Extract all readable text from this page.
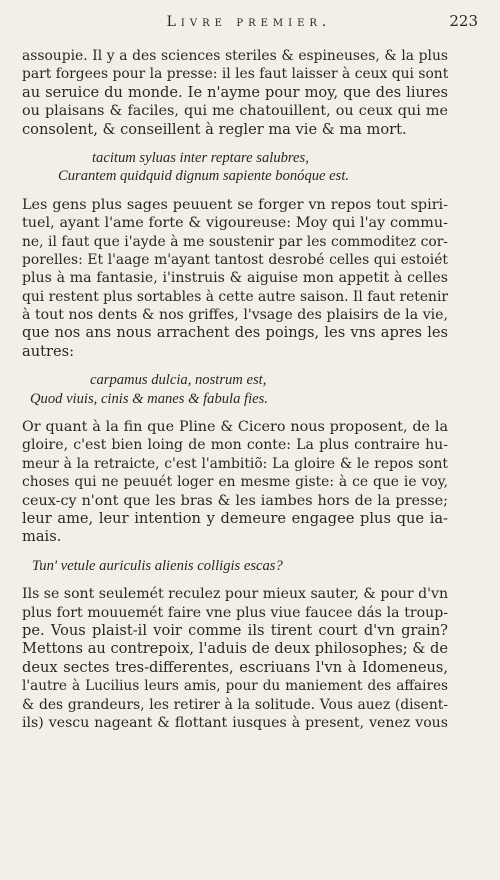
Livre premier.	223
assoupie. Il y a des sciences steriles & espineuses, & la plus
part forgees pour la presse: il les faut laisser à ceux qui sont
au seruice du monde. Ie n'ayme pour moy, que des liures
ou plaisans & faciles, qui me chatouillent, ou ceux qui me
consolent, & conseillent à regler ma vie & ma mort.
tacitum syluas inter reptare salubres,
Curantem quidquid dignum sapiente bonóque est.
Les gens plus sages peuuent se forger vn repos tout spiri-
tuel, ayant l'ame forte & vigoureuse: Moy qui l'ay commu-
ne, il faut que i'ayde à me soustenir par les commoditez cor-
porelles: Et l'aage m'ayant tantost desrobé celles qui estoiét
plus à ma fantasie, i'instruis & aiguise mon appetit à celles
qui restent plus sortables à cette autre saison. Il faut retenir
à tout nos dents & nos griffes, l'vsage des plaisirs de la vie,
que nos ans nous arrachent des poings, les vns apres les
autres:
carpamus dulcia, nostrum est,
Quod viuis, cinis & manes & fabula fies.
Or quant à la fin que Pline & Cicero nous proposent, de la
gloire, c'est bien loing de mon conte: La plus contraire hu-
meur à la retraicte, c'est l'ambitiõ: La gloire & le repos sont
choses qui ne peuuét loger en mesme giste: à ce que ie voy,
ceux-cy n'ont que les bras & les iambes hors de la presse;
leur ame, leur intention y demeure engagee plus que ia-
mais.
Tun' vetule auriculis alienis colligis escas?
Ils se sont seulemét reculez pour mieux sauter, & pour d'vn
plus fort mouuemét faire vne plus viue faucee dás la troup-
pe. Vous plaist-il voir comme ils tirent court d'vn grain?
Mettons au contrepoix, l'aduis de deux philosophes; & de
deux sectes tres-differentes, escriuans l'vn à Idomeneus,
l'autre à Lucilius leurs amis, pour du maniement des affaires
& des grandeurs, les retirer à la solitude. Vous auez (disent-
ils) vescu nageant & flottant iusques à present, venez vous
